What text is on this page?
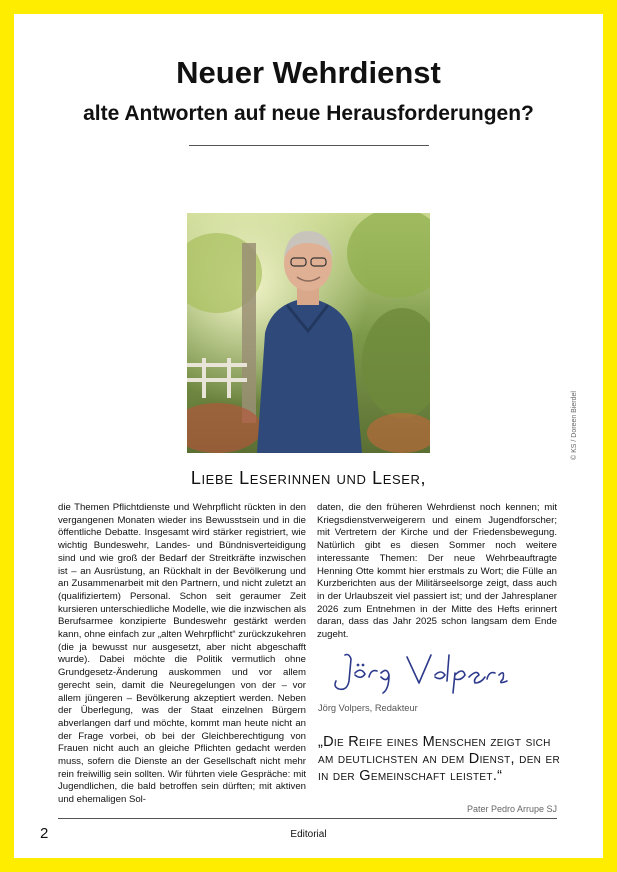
Neuer Wehrdienst
alte Antworten auf neue Herausforderungen?
© KS / Doreen Bierdel
Liebe Leserinnen und Leser,

die Themen Pflichtdienste und Wehrpflicht rückten in den vergangenen Monaten wieder ins Bewusstsein und in die öffentliche Debatte. Insgesamt wird stärker registriert, wie wichtig Bundeswehr, Landes- und Bündnisverteidigung sind und wie groß der Bedarf der Streitkräfte inzwischen ist – an Ausrüstung, an Rückhalt in der Bevölkerung und an Zusammenarbeit mit den Partnern, und nicht zuletzt an (qualifiziertem) Personal. Schon seit geraumer Zeit kursieren unterschiedliche Modelle, wie die inzwischen als Berufsarmee konzipierte Bundeswehr gestärkt werden kann, ohne einfach zur „alten Wehrpflicht“ zurückzukehren (die ja bewusst nur ausgesetzt, aber nicht abgeschafft wurde). Dabei möchte die Politik vermutlich ohne Grundgesetz-Änderung auskommen und vor allem gerecht sein, damit die Neuregelungen von der – vor allem jüngeren – Bevölkerung akzeptiert werden. Neben der Überlegung, was der Staat einzelnen Bürgern abverlangen darf und möchte, kommt man heute nicht an der Frage vorbei, ob bei der Gleichberechtigung von Frauen nicht auch an gleiche Pflichten gedacht werden muss, sofern die Dienste an der Gesellschaft nicht mehr rein freiwillig sein sollten. Wir führten viele Gespräche: mit Jugendlichen, die bald betroffen sein dürften; mit aktiven und ehemaligen Sol-

daten, die den früheren Wehrdienst noch kennen; mit Kriegsdienstverweigerern und einem Jugendforscher; mit Vertretern der Kirche und der Friedensbewegung. Natürlich gibt es diesen Sommer noch weitere interessante Themen: Der neue Wehrbeauftragte Henning Otte kommt hier erstmals zu Wort; die Fülle an Kurzberichten aus der Militärseelsorge zeigt, dass auch in der Urlaubszeit viel passiert ist; und der Jahresplaner 2026 zum Entnehmen in der Mitte des Hefts erinnert daran, dass das Jahr 2025 schon langsam dem Ende zugeht.

Jörg Volpers, Redakteur
„Die Reife eines Menschen zeigt sich am deutlichsten an dem Dienst, den er in der Gemeinschaft leistet.“
Pater Pedro Arrupe SJ
2	Editorial
